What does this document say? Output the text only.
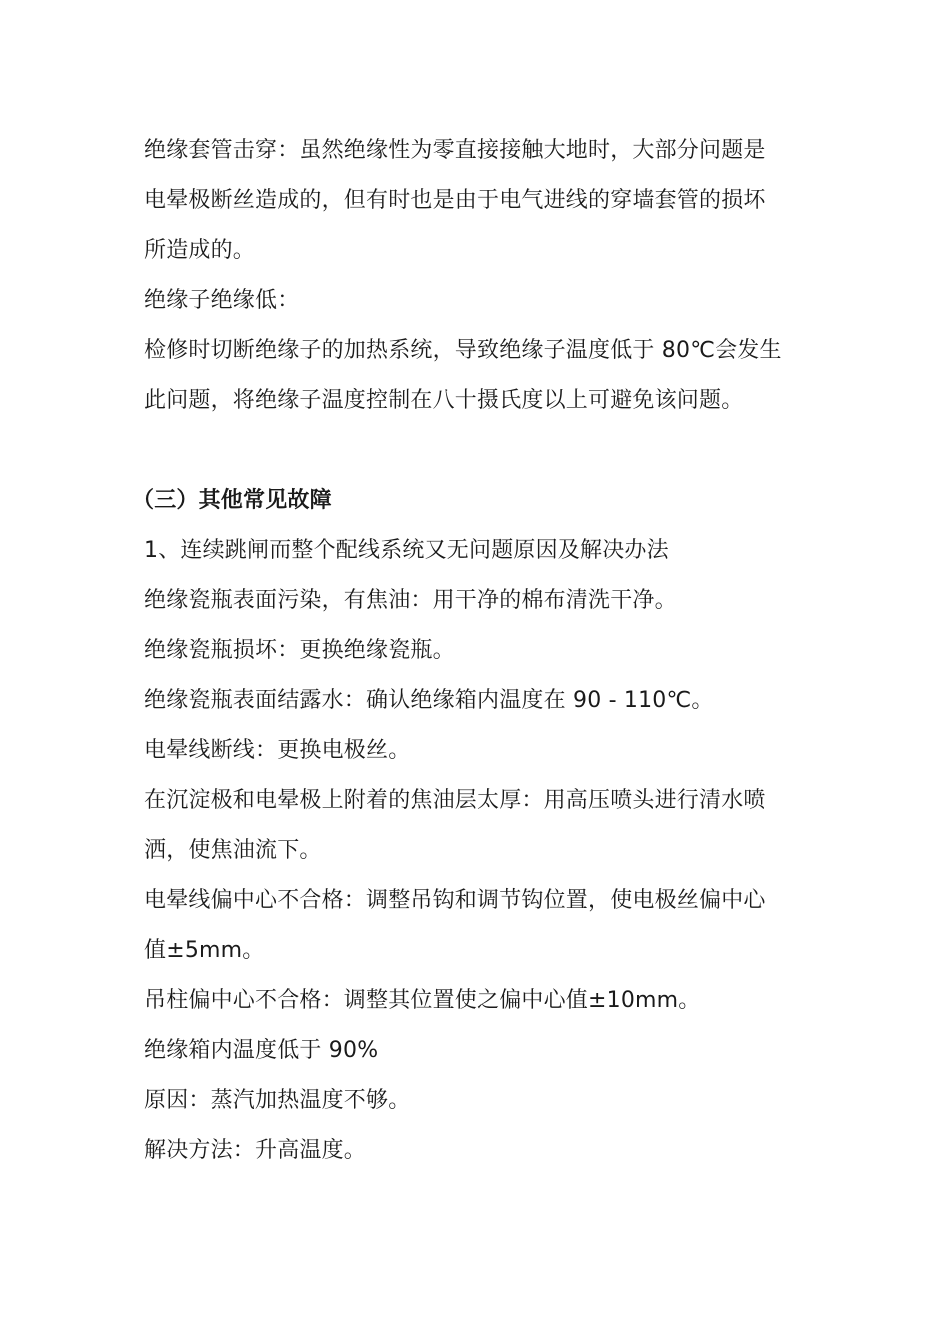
绝缘套管击穿：虽然绝缘性为零直接接触大地时，大部分问题是
电晕极断丝造成的，但有时也是由于电气进线的穿墙套管的损坏
所造成的。
绝缘子绝缘低：
检修时切断绝缘子的加热系统，导致绝缘子温度低于 80℃会发生
此问题，将绝缘子温度控制在八十摄氏度以上可避免该问题。
（三）其他常见故障
1、连续跳闸而整个配线系统又无问题原因及解决办法
绝缘瓷瓶表面污染，有焦油：用干净的棉布清洗干净。
绝缘瓷瓶损坏：更换绝缘瓷瓶。
绝缘瓷瓶表面结露水：确认绝缘箱内温度在 90 - 110℃。
电晕线断线：更换电极丝。
在沉淀极和电晕极上附着的焦油层太厚：用高压喷头进行清水喷
洒，使焦油流下。
电晕线偏中心不合格：调整吊钩和调节钩位置，使电极丝偏中心
值±5mm。
吊柱偏中心不合格：调整其位置使之偏中心值±10mm。
绝缘箱内温度低于 90%
原因：蒸汽加热温度不够。
解决方法：升高温度。
